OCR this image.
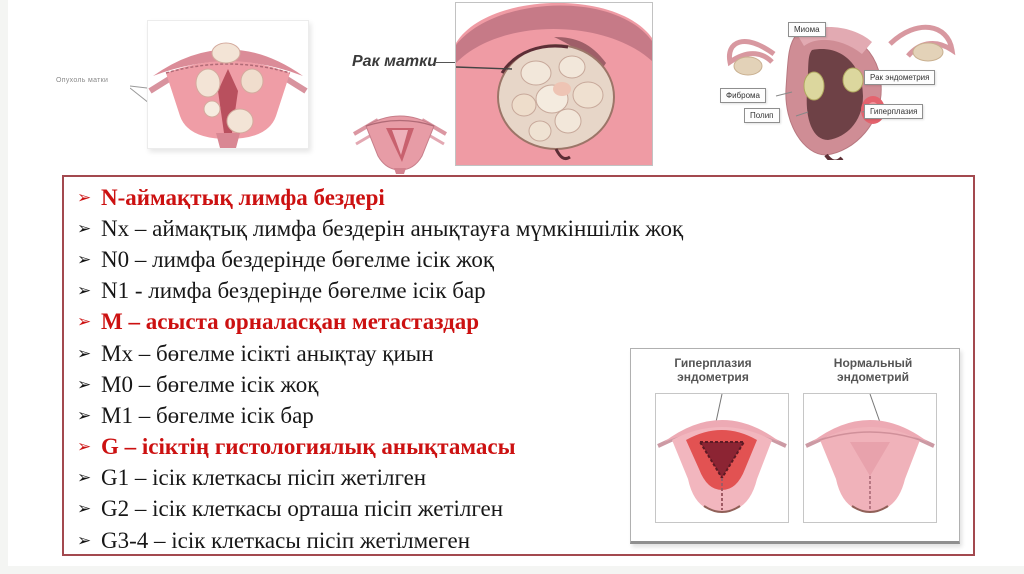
Опухоль матки
Рак матки
Миома
Рак эндометрия
Фиброма
Полип	Гиперплазия
➢ N-аймақтық лимфа бездері
➢ Nx – аймақтық лимфа бездерін анықтауға мүмкіншілік жоқ
➢ N0 – лимфа бездерінде бөгелме ісік жоқ
➢ N1 - лимфа бездерінде бөгелме ісік бар
➢ M – асыста орналасқан метастаздар
➢ Mx – бөгелме ісікті анықтау қиын
➢ M0 – бөгелме ісік жоқ
➢ M1 – бөгелме ісік бар
➢ G – ісіктің гистологиялық анықтамасы
➢ G1 – ісік клеткасы пісіп жетілген
➢ G2 – ісік клеткасы орташа пісіп жетілген
➢ G3-4 – ісік клеткасы пісіп жетілмеген
Гиперплазия эндометрия
Нормальный эндометрий
